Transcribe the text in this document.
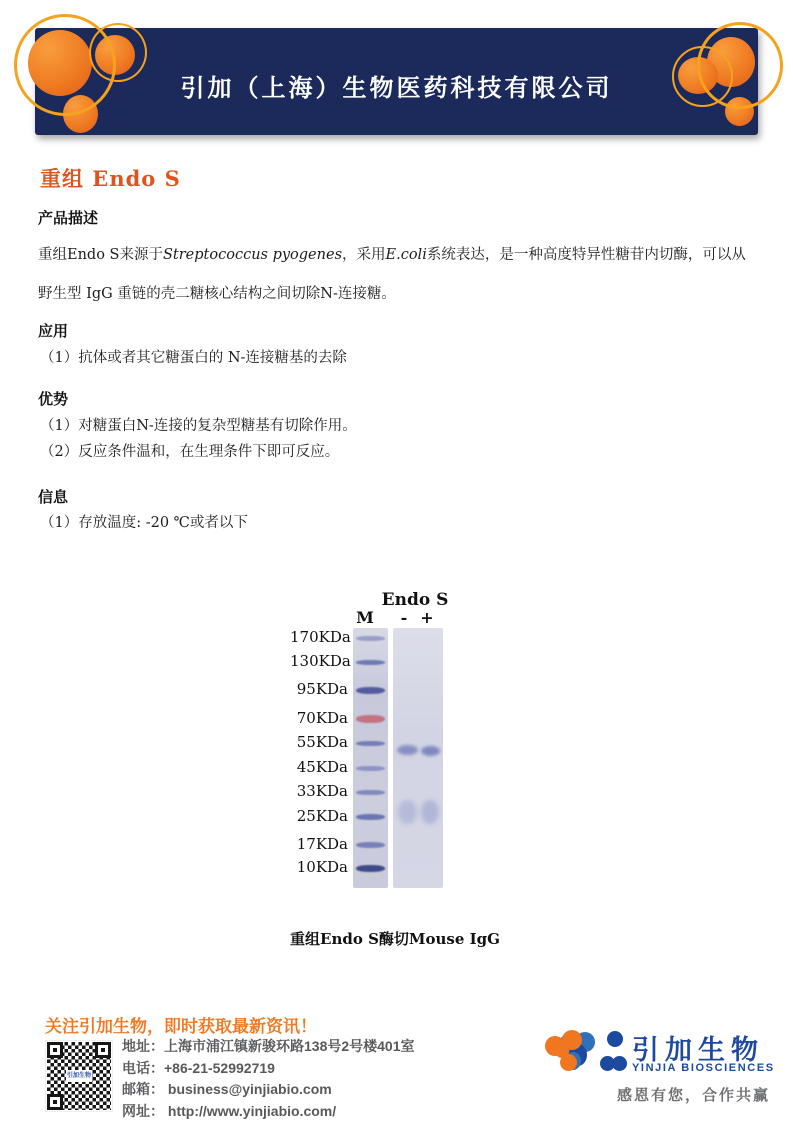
引加（上海）生物医药科技有限公司
重组 Endo S
产品描述
重组Endo S来源于Streptococcus pyogenes，采用E.coli系统表达，是一种高度特异性糖苷内切酶，可以从野生型 IgG 重链的壳二糖核心结构之间切除N-连接糖。
应用
（1）抗体或者其它糖蛋白的 N-连接糖基的去除
优势
（1）对糖蛋白N-连接的复杂型糖基有切除作用。
（2）反应条件温和，在生理条件下即可反应。
信息
（1）存放温度: -20 ℃或者以下
Endo S
M	- +
170KDa
130KDa
95KDa
70KDa
55KDa
45KDa
33KDa
25KDa
17KDa
10KDa
重组Endo S酶切Mouse IgG
关注引加生物，即时获取最新资讯！
引加生物
地址：上海市浦江镇新骏环路138号2号楼401室
电话：+86-21-52992719
邮箱： business@yinjiabio.com
网址： http://www.yinjiabio.com/
引加生物
YINJIA BIOSCIENCES
感恩有您，合作共赢
